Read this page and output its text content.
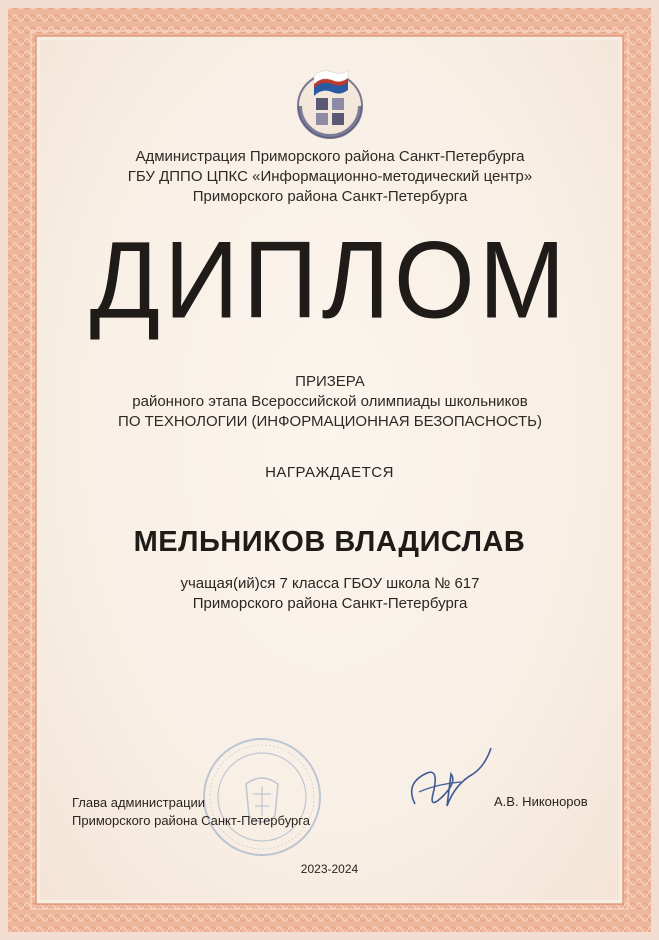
Администрация Приморского района Санкт-Петербурга
ГБУ ДППО ЦПКС «Информационно-методический центр»
Приморского района Санкт-Петербурга
ДИПЛОМ
ПРИЗЕРА
районного этапа Всероссийской олимпиады школьников
ПО ТЕХНОЛОГИИ (ИНФОРМАЦИОННАЯ БЕЗОПАСНОСТЬ)
НАГРАЖДАЕТСЯ
МЕЛЬНИКОВ ВЛАДИСЛАВ
учащая(ий)ся 7 класса ГБОУ школа № 617
Приморского района Санкт-Петербурга
Глава администрации
Приморского района Санкт-Петербурга
А.В. Никоноров
2023-2024
